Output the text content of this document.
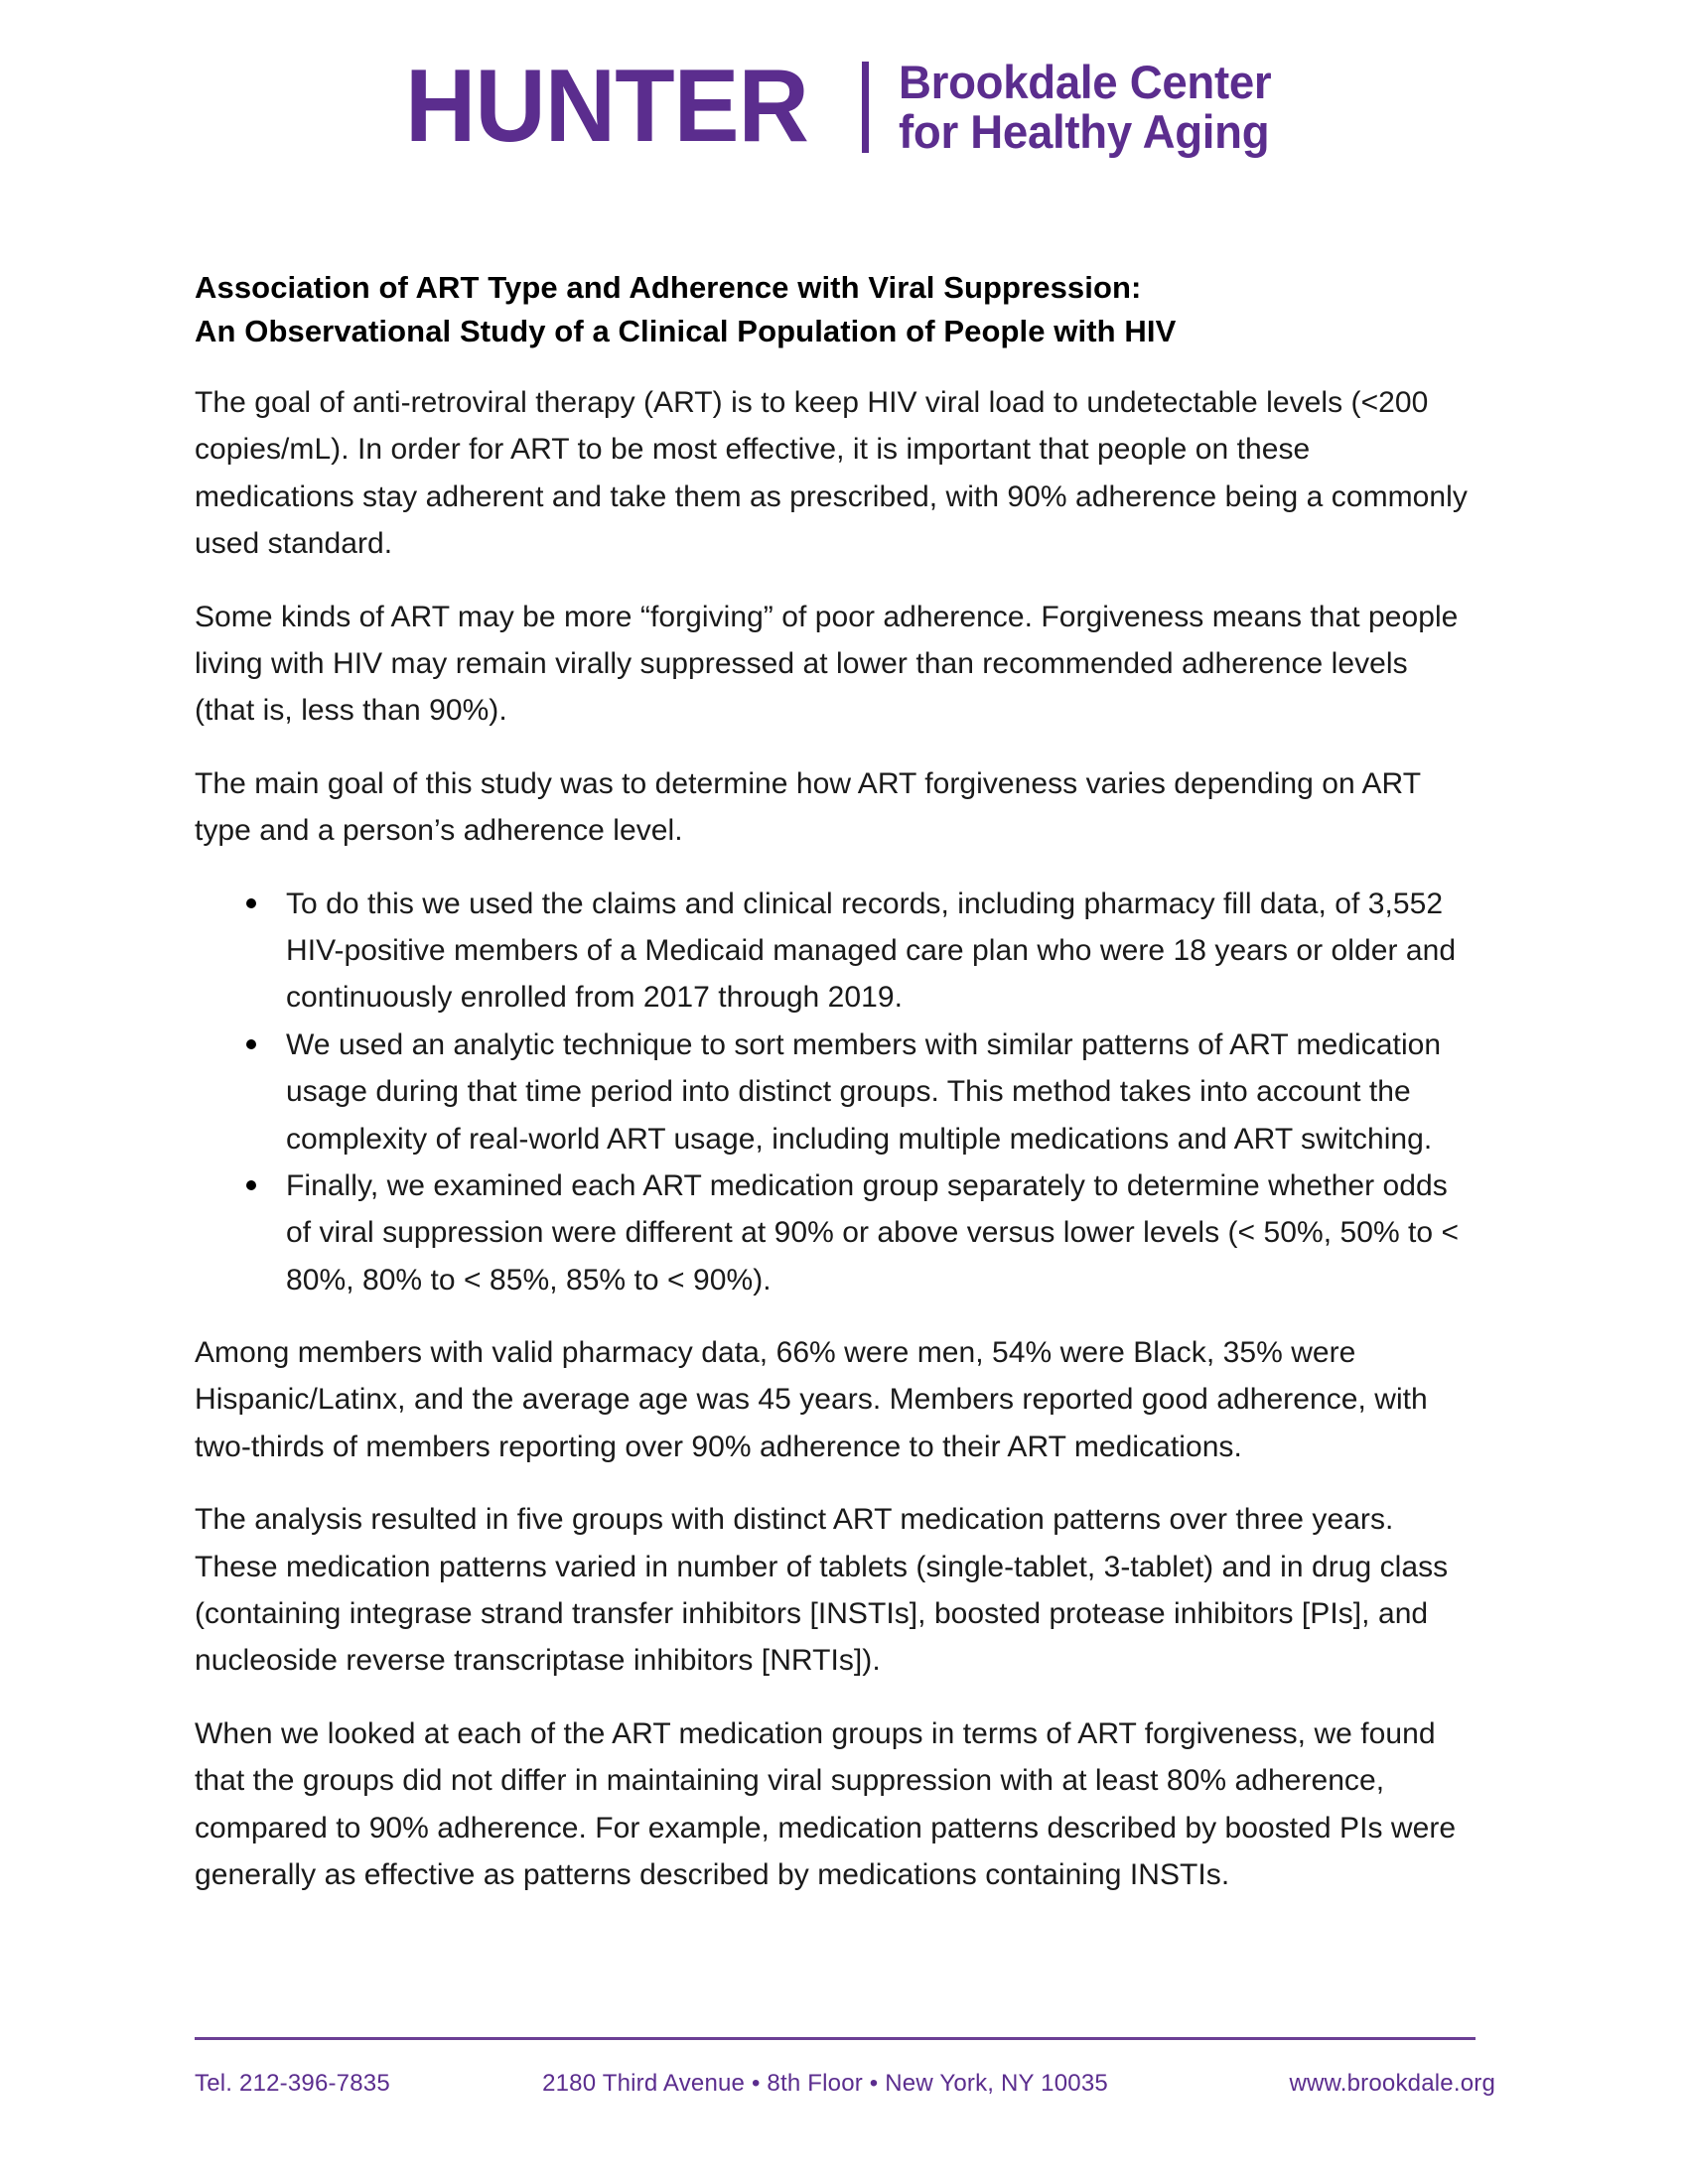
HUNTER Brookdale Center
for Healthy Aging
Association of ART Type and Adherence with Viral Suppression:
An Observational Study of a Clinical Population of People with HIV

The goal of anti-retroviral therapy (ART) is to keep HIV viral load to undetectable levels (<200 copies/mL). In order for ART to be most effective, it is important that people on these medications stay adherent and take them as prescribed, with 90% adherence being a commonly used standard.

Some kinds of ART may be more “forgiving” of poor adherence. Forgiveness means that people living with HIV may remain virally suppressed at lower than recommended adherence levels (that is, less than 90%).

The main goal of this study was to determine how ART forgiveness varies depending on ART type and a person’s adherence level.

To do this we used the claims and clinical records, including pharmacy fill data, of 3,552 HIV-positive members of a Medicaid managed care plan who were 18 years or older and continuously enrolled from 2017 through 2019.
We used an analytic technique to sort members with similar patterns of ART medication usage during that time period into distinct groups. This method takes into account the complexity of real-world ART usage, including multiple medications and ART switching.
Finally, we examined each ART medication group separately to determine whether odds of viral suppression were different at 90% or above versus lower levels (< 50%, 50% to < 80%, 80% to < 85%, 85% to < 90%).

Among members with valid pharmacy data, 66% were men, 54% were Black, 35% were Hispanic/Latinx, and the average age was 45 years. Members reported good adherence, with two-thirds of members reporting over 90% adherence to their ART medications.

The analysis resulted in five groups with distinct ART medication patterns over three years. These medication patterns varied in number of tablets (single-tablet, 3-tablet) and in drug class (containing integrase strand transfer inhibitors [INSTIs], boosted protease inhibitors [PIs], and nucleoside reverse transcriptase inhibitors [NRTIs]).

When we looked at each of the ART medication groups in terms of ART forgiveness, we found that the groups did not differ in maintaining viral suppression with at least 80% adherence, compared to 90% adherence. For example, medication patterns described by boosted PIs were generally as effective as patterns described by medications containing INSTIs.

Tel. 212-396-7835	2180 Third Avenue • 8th Floor • New York, NY 10035	www.brookdale.org
